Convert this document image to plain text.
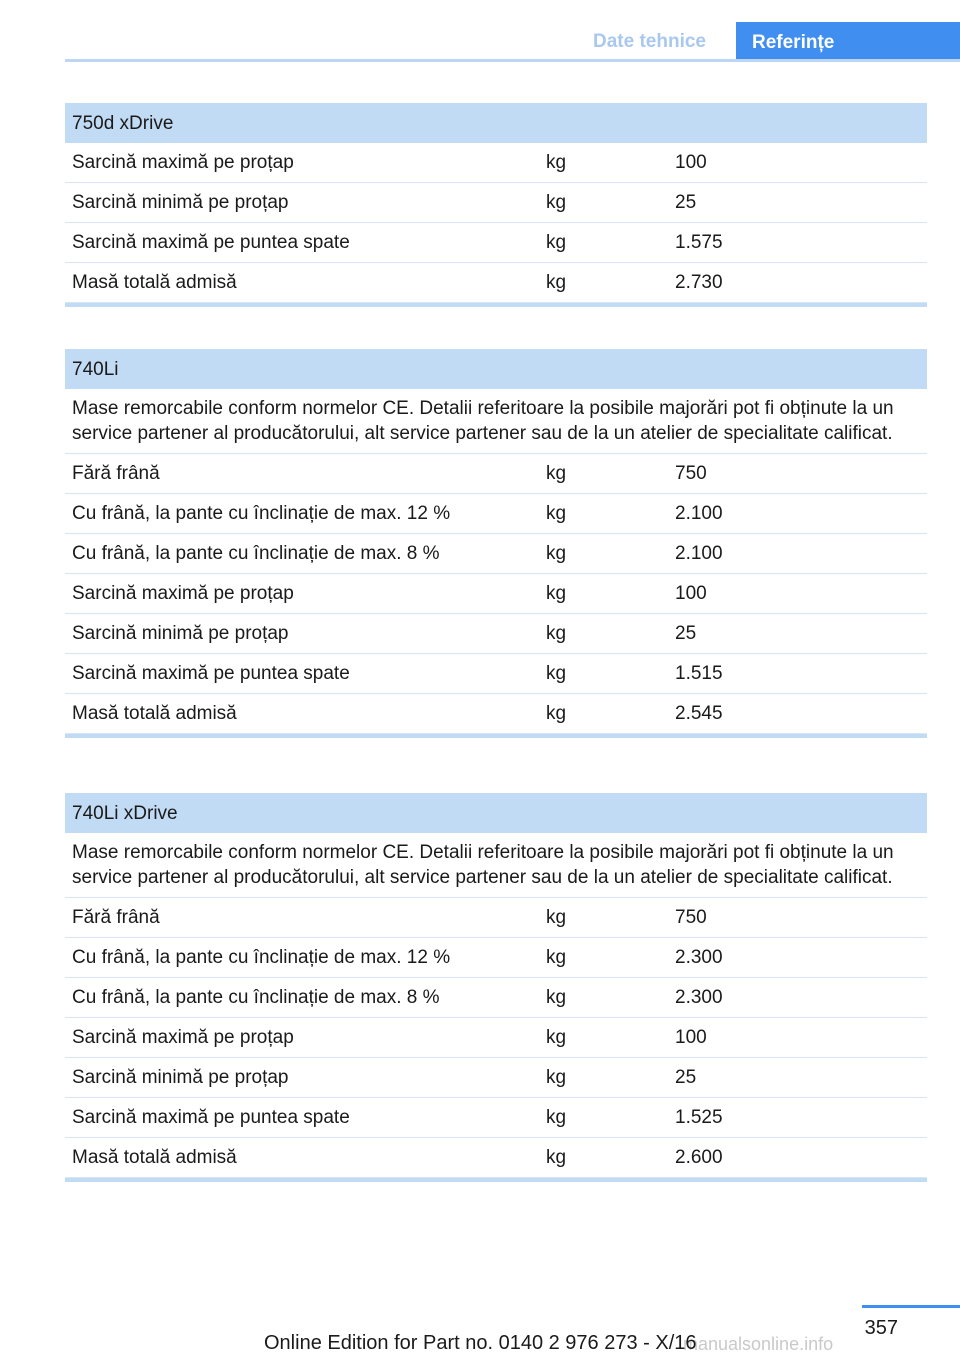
Date tehnice	Referințe
750d xDrive
Sarcină maximă pe proțap	kg	100
Sarcină minimă pe proțap	kg	25
Sarcină maximă pe puntea spate	kg	1.575
Masă totală admisă	kg	2.730
740Li
Mase remorcabile conform normelor CE. Detalii referitoare la posibile majorări pot fi obținute la un service partener al producătorului, alt service partener sau de la un atelier de specialitate calificat.
Fără frână	kg	750
Cu frână, la pante cu înclinație de max. 12 %	kg	2.100
Cu frână, la pante cu înclinație de max. 8 %	kg	2.100
Sarcină maximă pe proțap	kg	100
Sarcină minimă pe proțap	kg	25
Sarcină maximă pe puntea spate	kg	1.515
Masă totală admisă	kg	2.545
740Li xDrive
Mase remorcabile conform normelor CE. Detalii referitoare la posibile majorări pot fi obținute la un service partener al producătorului, alt service partener sau de la un atelier de specialitate calificat.
Fără frână	kg	750
Cu frână, la pante cu înclinație de max. 12 %	kg	2.300
Cu frână, la pante cu înclinație de max. 8 %	kg	2.300
Sarcină maximă pe proțap	kg	100
Sarcină minimă pe proțap	kg	25
Sarcină maximă pe puntea spate	kg	1.525
Masă totală admisă	kg	2.600
357
manualsonline.info
Online Edition for Part no. 0140 2 976 273 - X/16
